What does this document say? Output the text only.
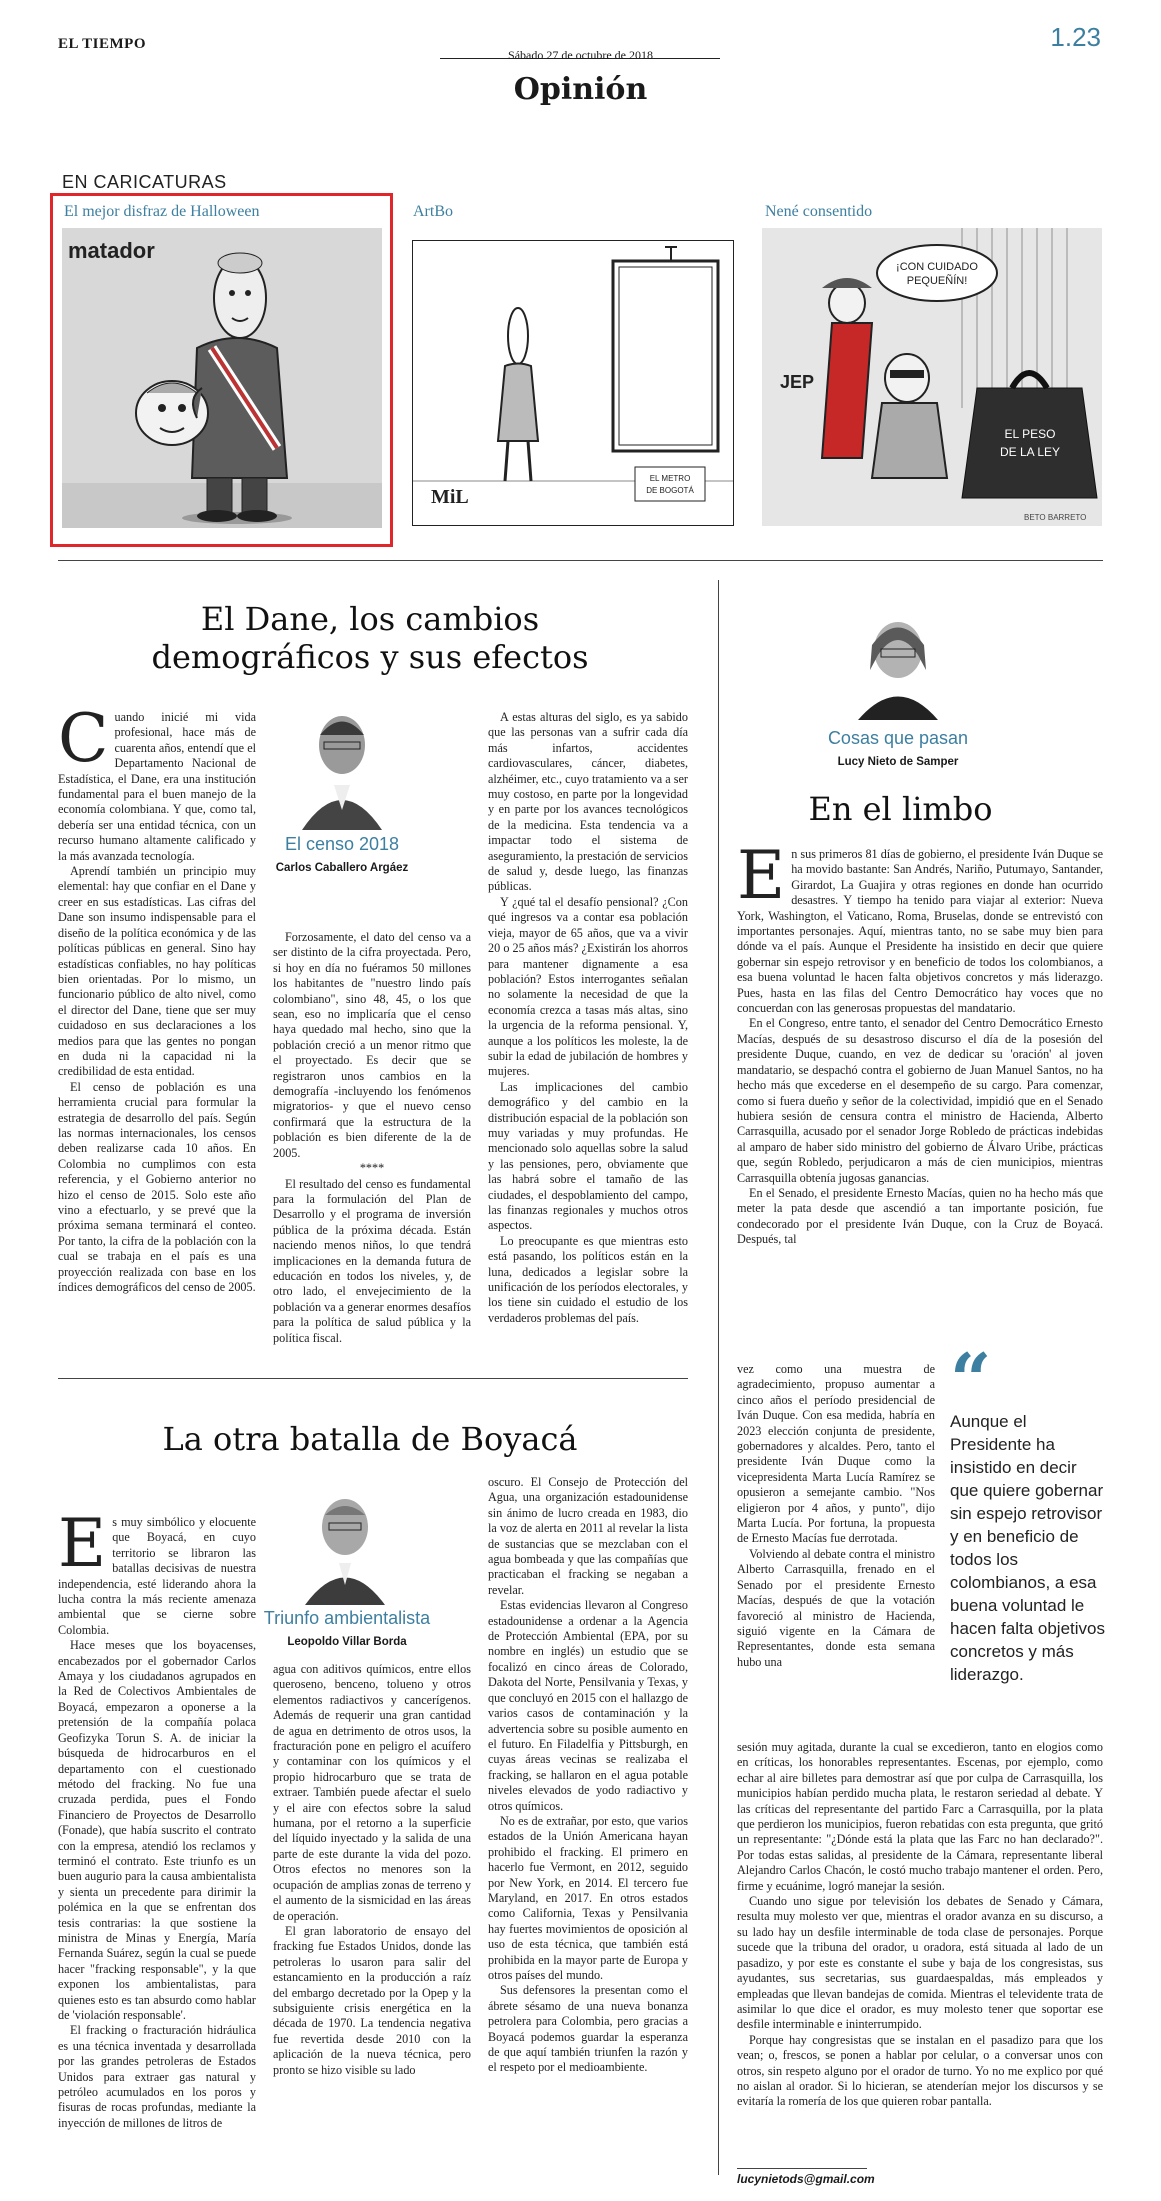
EL TIEMPO	1.23
Sábado 27 de octubre de 2018
Opinión
EN CARICATURAS
El mejor disfraz de Halloween
matador
ArtBo
EL METRO
DE BOGOTÁ
MiL
Nené consentido
¡CON CUIDADO
PEQUEÑÍN!
JEP
EL PESO
DE LA LEY
BETO BARRETO
El Dane, los cambios demográficos y sus efectos
El censo 2018
Carlos Caballero Argáez
C uando inicié mi vida profesional, hace más de cuarenta años, entendí que el Departamento Nacional de Estadística, el Dane, era una institución fundamental para el buen manejo de la economía colombiana. Y que, como tal, debería ser una entidad técnica, con un recurso humano altamente calificado y la más avanzada tecnología.

Aprendí también un principio muy elemental: hay que confiar en el Dane y creer en sus estadísticas. Las cifras del Dane son insumo indispensable para el diseño de la política económica y de las políticas públicas en general. Sino hay estadísticas confiables, no hay políticas bien orientadas. Por lo mismo, un funcionario público de alto nivel, como el director del Dane, tiene que ser muy cuidadoso en sus declaraciones a los medios para que las gentes no pongan en duda ni la capacidad ni la credibilidad de esta entidad.

El censo de población es una herramienta crucial para formular la estrategia de desarrollo del país. Según las normas internacionales, los censos deben realizarse cada 10 años. En Colombia no cumplimos con esta referencia, y el Gobierno anterior no hizo el censo de 2015. Solo este año vino a efectuarlo, y se prevé que la próxima semana terminará el conteo. Por tanto, la cifra de la población con la cual se trabaja en el país es una proyección realizada con base en los índices demográficos del censo de 2005.

Forzosamente, el dato del censo va a ser distinto de la cifra proyectada. Pero, si hoy en día no fuéramos 50 millones los habitantes de "nuestro lindo país colombiano", sino 48, 45, o los que sean, eso no implicaría que el censo haya quedado mal hecho, sino que la población creció a un menor ritmo que el proyectado. Es decir que se registraron unos cambios en la demografía -incluyendo los fenómenos migratorios- y que el nuevo censo confirmará que la estructura de la población es bien diferente de la de 2005.

****

El resultado del censo es fundamental para la formulación del Plan de Desarrollo y el programa de inversión pública de la próxima década. Están naciendo menos niños, lo que tendrá implicaciones en la demanda futura de educación en todos los niveles, y, de otro lado, el envejecimiento de la población va a generar enormes desafíos para la política de salud pública y la política fiscal.

A estas alturas del siglo, es ya sabido que las personas van a sufrir cada día más infartos, accidentes cardiovasculares, cáncer, diabetes, alzhéimer, etc., cuyo tratamiento va a ser muy costoso, en parte por la longevidad y en parte por los avances tecnológicos de la medicina. Esta tendencia va a impactar todo el sistema de aseguramiento, la prestación de servicios de salud y, desde luego, las finanzas públicas.

Y ¿qué tal el desafío pensional? ¿Con qué ingresos va a contar esa población vieja, mayor de 65 años, que va a vivir 20 o 25 años más? ¿Existirán los ahorros para mantener dignamente a esa población? Estos interrogantes señalan no solamente la necesidad de que la economía crezca a tasas más altas, sino la urgencia de la reforma pensional. Y, aunque a los políticos les moleste, la de subir la edad de jubilación de hombres y mujeres.

Las implicaciones del cambio demográfico y del cambio en la distribución espacial de la población son muy variadas y muy profundas. He mencionado solo aquellas sobre la salud y las pensiones, pero, obviamente que las habrá sobre el tamaño de las ciudades, el despoblamiento del campo, las finanzas regionales y muchos otros aspectos.

Lo preocupante es que mientras esto está pasando, los políticos están en la luna, dedicados a legislar sobre la unificación de los períodos electorales, y los tiene sin cuidado el estudio de los verdaderos problemas del país.

La otra batalla de Boyacá
Triunfo ambientalista
Leopoldo Villar Borda
E s muy simbólico y elocuente que Boyacá, en cuyo territorio se libraron las batallas decisivas de nuestra independencia, esté liderando ahora la lucha contra la más reciente amenaza ambiental que se cierne sobre Colombia.

Hace meses que los boyacenses, encabezados por el gobernador Carlos Amaya y los ciudadanos agrupados en la Red de Colectivos Ambientales de Boyacá, empezaron a oponerse a la pretensión de la compañía polaca Geofizyka Torun S. A. de iniciar la búsqueda de hidrocarburos en el departamento con el cuestionado método del fracking. No fue una cruzada perdida, pues el Fondo Financiero de Proyectos de Desarrollo (Fonade), que había suscrito el contrato con la empresa, atendió los reclamos y terminó el contrato. Este triunfo es un buen augurio para la causa ambientalista y sienta un precedente para dirimir la polémica en la que se enfrentan dos tesis contrarias: la que sostiene la ministra de Minas y Energía, María Fernanda Suárez, según la cual se puede hacer "fracking responsable", y la que exponen los ambientalistas, para quienes esto es tan absurdo como hablar de 'violación responsable'.

El fracking o fracturación hidráulica es una técnica inventada y desarrollada por las grandes petroleras de Estados Unidos para extraer gas natural y petróleo acumulados en los poros y fisuras de rocas profundas, mediante la inyección de millones de litros de

agua con aditivos químicos, entre ellos queroseno, benceno, tolueno y otros elementos radiactivos y cancerígenos. Además de requerir una gran cantidad de agua en detrimento de otros usos, la fracturación pone en peligro el acuífero y contaminar con los químicos y el propio hidrocarburo que se trata de extraer. También puede afectar el suelo y el aire con efectos sobre la salud humana, por el retorno a la superficie del líquido inyectado y la salida de una parte de este durante la vida del pozo. Otros efectos no menores son la ocupación de amplias zonas de terreno y el aumento de la sismicidad en las áreas de operación.

El gran laboratorio de ensayo del fracking fue Estados Unidos, donde las petroleras lo usaron para salir del estancamiento en la producción a raíz del embargo decretado por la Opep y la subsiguiente crisis energética en la década de 1970. La tendencia negativa fue revertida desde 2010 con la aplicación de la nueva técnica, pero pronto se hizo visible su lado

oscuro. El Consejo de Protección del Agua, una organización estadounidense sin ánimo de lucro creada en 1983, dio la voz de alerta en 2011 al revelar la lista de sustancias que se mezclaban con el agua bombeada y que las compañías que practicaban el fracking se negaban a revelar.

Estas evidencias llevaron al Congreso estadounidense a ordenar a la Agencia de Protección Ambiental (EPA, por su nombre en inglés) un estudio que se focalizó en cinco áreas de Colorado, Dakota del Norte, Pensilvania y Texas, y que concluyó en 2015 con el hallazgo de varios casos de contaminación y la advertencia sobre su posible aumento en el futuro. En Filadelfia y Pittsburgh, en cuyas áreas vecinas se realizaba el fracking, se hallaron en el agua potable niveles elevados de yodo radiactivo y otros químicos.

No es de extrañar, por esto, que varios estados de la Unión Americana hayan prohibido el fracking. El primero en hacerlo fue Vermont, en 2012, seguido por New York, en 2014. El tercero fue Maryland, en 2017. En otros estados como California, Texas y Pensilvania hay fuertes movimientos de oposición al uso de esta técnica, que también está prohibida en la mayor parte de Europa y otros países del mundo.

Sus defensores la presentan como el ábrete sésamo de una nueva bonanza petrolera para Colombia, pero gracias a Boyacá podemos guardar la esperanza de que aquí también triunfen la razón y el respeto por el medioambiente.

Cosas que pasan
Lucy Nieto de Samper
En el limbo
E n sus primeros 81 días de gobierno, el presidente Iván Duque se ha movido bastante: San Andrés, Nariño, Putumayo, Santander, Girardot, La Guajira y otras regiones en donde han ocurrido desastres. Y tiempo ha tenido para viajar al exterior: Nueva York, Washington, el Vaticano, Roma, Bruselas, donde se entrevistó con importantes personajes. Aquí, mientras tanto, no se sabe muy bien para dónde va el país. Aunque el Presidente ha insistido en decir que quiere gobernar sin espejo retrovisor y en beneficio de todos los colombianos, a esa buena voluntad le hacen falta objetivos concretos y más liderazgo. Pues, hasta en las filas del Centro Democrático hay voces que no concuerdan con las generosas propuestas del mandatario.

En el Congreso, entre tanto, el senador del Centro Democrático Ernesto Macías, después de su desastroso discurso el día de la posesión del presidente Duque, cuando, en vez de dedicar su 'oración' al joven mandatario, se despachó contra el gobierno de Juan Manuel Santos, no ha hecho más que excederse en el desempeño de su cargo. Para comenzar, como si fuera dueño y señor de la colectividad, impidió que en el Senado hubiera sesión de censura contra el ministro de Hacienda, Alberto Carrasquilla, acusado por el senador Jorge Robledo de prácticas indebidas al amparo de haber sido ministro del gobierno de Álvaro Uribe, prácticas que, según Robledo, perjudicaron a más de cien municipios, mientras Carrasquilla obtenía jugosas ganancias.

En el Senado, el presidente Ernesto Macías, quien no ha hecho más que meter la pata desde que ascendió a tan importante posición, fue condecorado por el presidente Iván Duque, con la Cruz de Boyacá. Después, tal

vez como una muestra de agradecimiento, propuso aumentar a cinco años el período presidencial de Iván Duque. Con esa medida, habría en 2023 elección conjunta de presidente, gobernadores y alcaldes. Pero, tanto el presidente Iván Duque como la vicepresidenta Marta Lucía Ramírez se opusieron a semejante cambio. "Nos eligieron por 4 años, y punto", dijo Marta Lucía. Por fortuna, la propuesta de Ernesto Macías fue derrotada.

Volviendo al debate contra el ministro Alberto Carrasquilla, frenado en el Senado por el presidente Ernesto Macías, después de que la votación favoreció al ministro de Hacienda, siguió vigente en la Cámara de Representantes, donde esta semana hubo una

“
Aunque el Presidente ha insistido en decir que quiere gobernar sin espejo retrovisor y en beneficio de todos los colombianos, a esa buena voluntad le hacen falta objetivos concretos y más liderazgo.

sesión muy agitada, durante la cual se excedieron, tanto en elogios como en críticas, los honorables representantes. Escenas, por ejemplo, como echar al aire billetes para demostrar así que por culpa de Carrasquilla, los municipios habían perdido mucha plata, le restaron seriedad al debate. Y las críticas del representante del partido Farc a Carrasquilla, por la plata que perdieron los municipios, fueron rebatidas con esta pregunta, que gritó un representante: "¿Dónde está la plata que las Farc no han declarado?". Por todas estas salidas, al presidente de la Cámara, representante liberal Alejandro Carlos Chacón, le costó mucho trabajo mantener el orden. Pero, firme y ecuánime, logró manejar la sesión.

Cuando uno sigue por televisión los debates de Senado y Cámara, resulta muy molesto ver que, mientras el orador avanza en su discurso, a su lado hay un desfile interminable de toda clase de personajes. Porque sucede que la tribuna del orador, u oradora, está situada al lado de un pasadizo, y por este es constante el sube y baja de los congresistas, sus ayudantes, sus secretarias, sus guardaespaldas, más empleados y empleadas que llevan bandejas de comida. Mientras el televidente trata de asimilar lo que dice el orador, es muy molesto tener que soportar ese desfile interminable e ininterrumpido.

Porque hay congresistas que se instalan en el pasadizo para que los vean; o, frescos, se ponen a hablar por celular, o a conversar unos con otros, sin respeto alguno por el orador de turno. Yo no me explico por qué no aislan al orador. Si lo hicieran, se atenderían mejor los discursos y se evitaría la romería de los que quieren robar pantalla.

lucynietods@gmail.com
